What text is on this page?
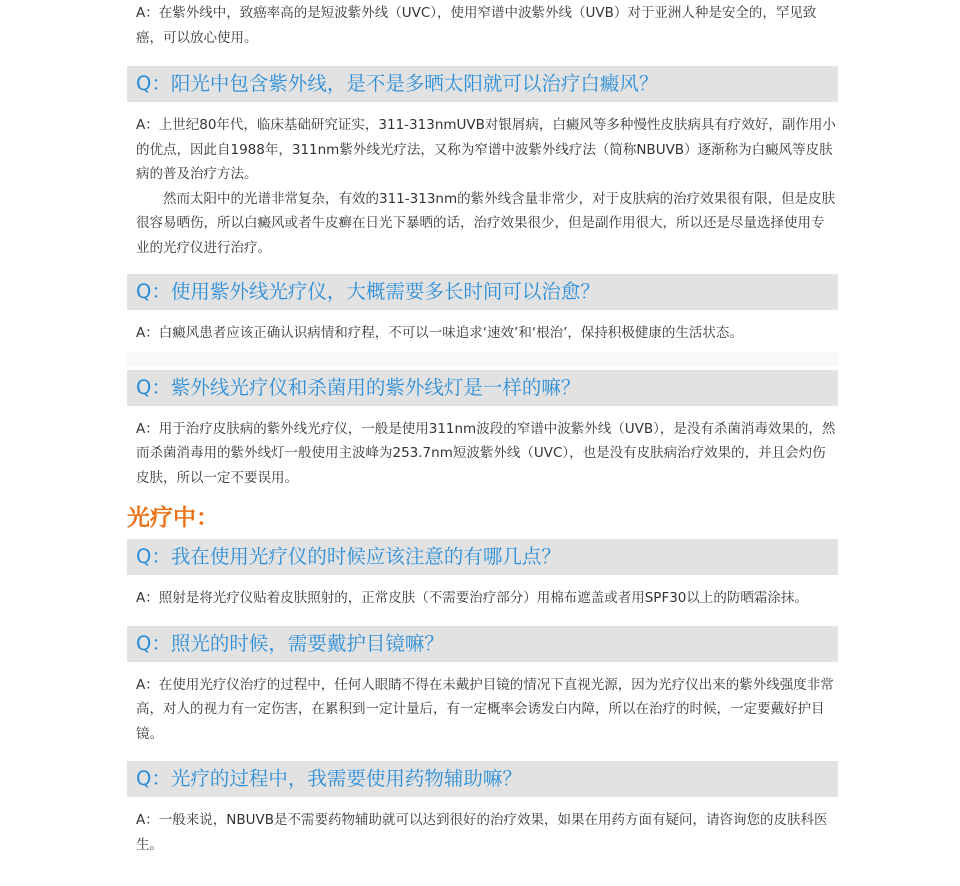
A：在紫外线中，致癌率高的是短波紫外线（UVC），使用窄谱中波紫外线（UVB）对于亚洲人种是安全的，罕见致癌，可以放心使用。

Q：阳光中包含紫外线，是不是多晒太阳就可以治疗白癜风？

A：上世纪80年代，临床基础研究证实，311-313nmUVB对银屑病，白癜风等多种慢性皮肤病具有疗效好，副作用小的优点，因此自1988年，311nm紫外线光疗法，又称为窄谱中波紫外线疗法（简称NBUVB）逐渐称为白癜风等皮肤病的普及治疗方法。

然而太阳中的光谱非常复杂，有效的311-313nm的紫外线含量非常少，对于皮肤病的治疗效果很有限，但是皮肤很容易晒伤，所以白癜风或者牛皮癣在日光下暴晒的话，治疗效果很少，但是副作用很大，所以还是尽量选择使用专业的光疗仪进行治疗。

Q：使用紫外线光疗仪，大概需要多长时间可以治愈？

A：白癜风患者应该正确认识病情和疗程，不可以一味追求‘速效’和‘根治’，保持积极健康的生活状态。

Q：紫外线光疗仪和杀菌用的紫外线灯是一样的嘛？

A：用于治疗皮肤病的紫外线光疗仪，一般是使用311nm波段的窄谱中波紫外线（UVB），是没有杀菌消毒效果的，然而杀菌消毒用的紫外线灯一般使用主波峰为253.7nm短波紫外线（UVC），也是没有皮肤病治疗效果的，并且会灼伤皮肤，所以一定不要误用。

光疗中：
Q：我在使用光疗仪的时候应该注意的有哪几点？

A：照射是将光疗仪贴着皮肤照射的，正常皮肤（不需要治疗部分）用棉布遮盖或者用SPF30以上的防晒霜涂抹。

Q：照光的时候，需要戴护目镜嘛？

A：在使用光疗仪治疗的过程中，任何人眼睛不得在未戴护目镜的情况下直视光源，因为光疗仪出来的紫外线强度非常高，对人的视力有一定伤害，在累积到一定计量后，有一定概率会诱发白内障，所以在治疗的时候，一定要戴好护目镜。

Q：光疗的过程中，我需要使用药物辅助嘛？

A：一般来说，NBUVB是不需要药物辅助就可以达到很好的治疗效果，如果在用药方面有疑问，请咨询您的皮肤科医生。
